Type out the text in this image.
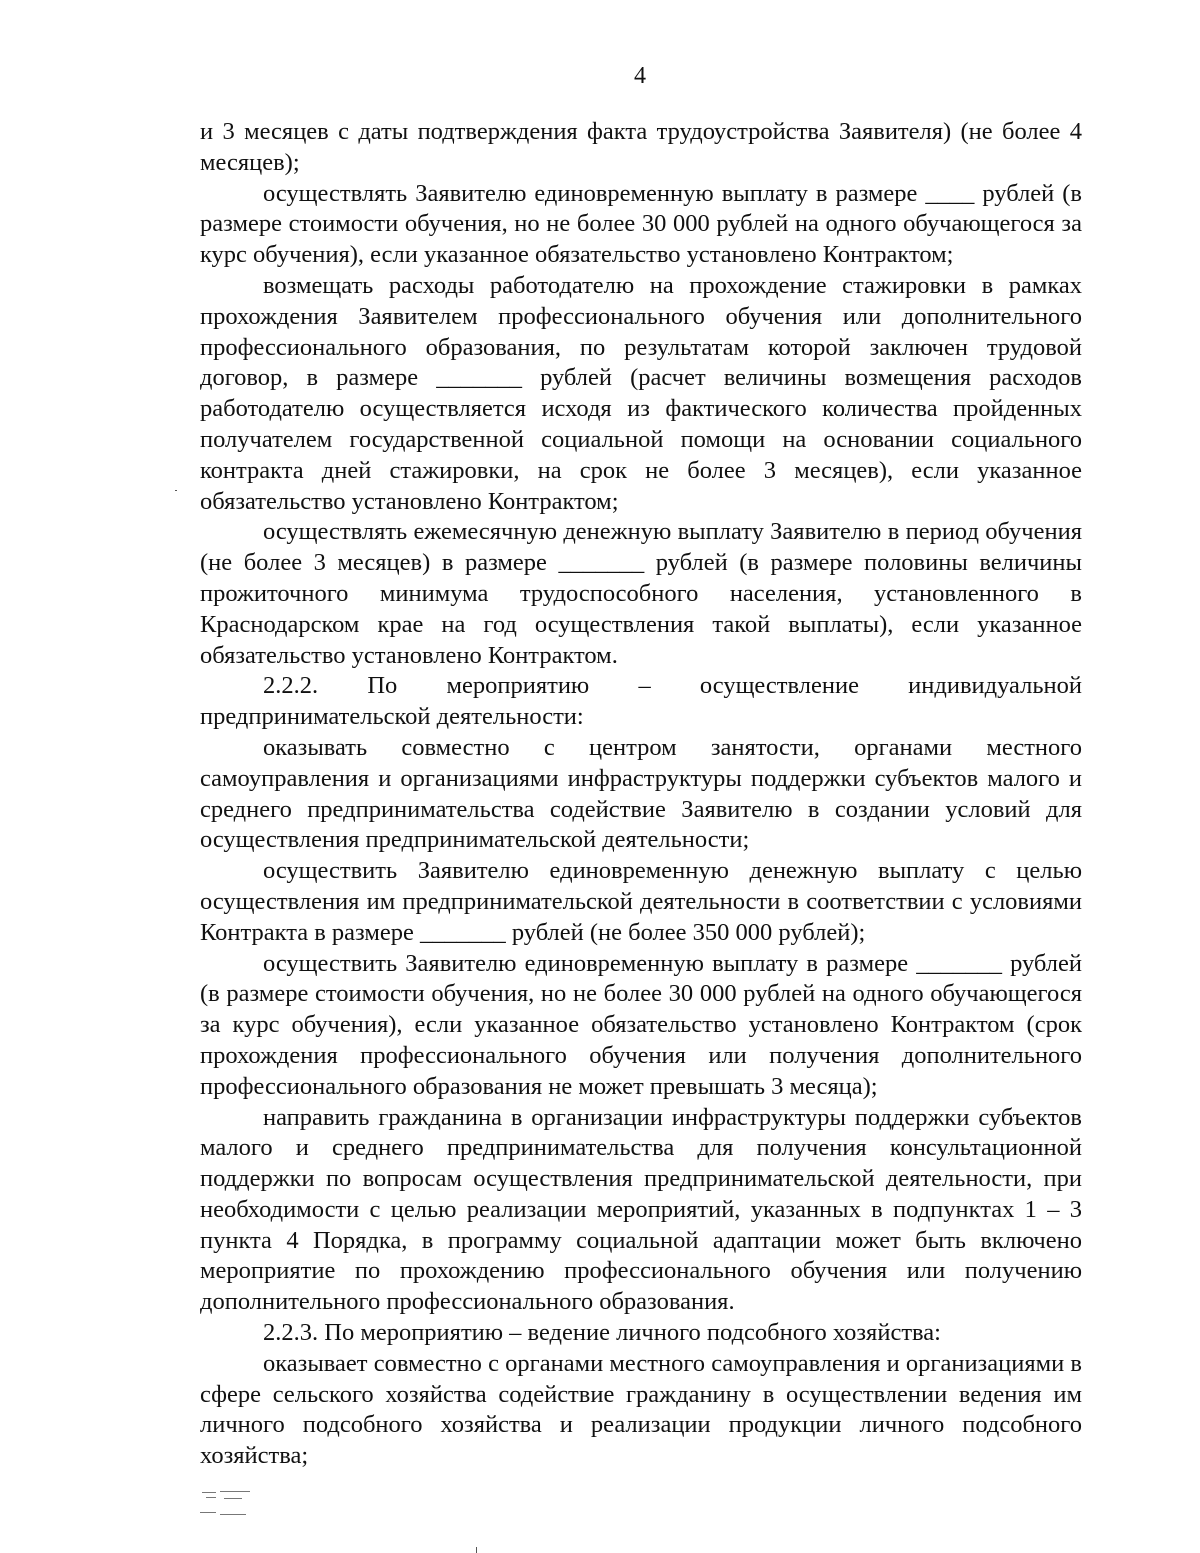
4

и 3 месяцев с даты подтверждения факта трудоустройства Заявителя) (не более 4 месяцев);

осуществлять Заявителю единовременную выплату в размере ____ рублей (в размере стоимости обучения, но не более 30 000 рублей на одного обучающегося за курс обучения), если указанное обязательство установлено Контрактом;

возмещать расходы работодателю на прохождение стажировки в рамках прохождения Заявителем профессионального обучения или дополнительного профессионального образования, по результатам которой заключен трудовой договор, в размере _______ рублей (расчет величины возмещения расходов работодателю осуществляется исходя из фактического количества пройденных получателем государственной социальной помощи на основании социального контракта дней стажировки, на срок не более 3 месяцев), если указанное обязательство установлено Контрактом;

осуществлять ежемесячную денежную выплату Заявителю в период обучения (не более 3 месяцев) в размере _______ рублей (в размере половины величины прожиточного минимума трудоспособного населения, установленного в Краснодарском крае на год осуществления такой выплаты), если указанное обязательство установлено Контрактом.

2.2.2. По мероприятию – осуществление индивидуальной предпринимательской деятельности:

оказывать совместно с центром занятости, органами местного самоуправления и организациями инфраструктуры поддержки субъектов малого и среднего предпринимательства содействие Заявителю в создании условий для осуществления предпринимательской деятельности;

осуществить Заявителю единовременную денежную выплату с целью осуществления им предпринимательской деятельности в соответствии с условиями Контракта в размере _______ рублей (не более 350 000 рублей);

осуществить Заявителю единовременную выплату в размере _______ рублей (в размере стоимости обучения, но не более 30 000 рублей на одного обучающегося за курс обучения), если указанное обязательство установлено Контрактом (срок прохождения профессионального обучения или получения дополнительного профессионального образования не может превышать 3 месяца);

направить гражданина в организации инфраструктуры поддержки субъектов малого и среднего предпринимательства для получения консультационной поддержки по вопросам осуществления предпринимательской деятельности, при необходимости с целью реализации мероприятий, указанных в подпунктах 1 – 3 пункта 4 Порядка, в программу социальной адаптации может быть включено мероприятие по прохождению профессионального обучения или получению дополнительного профессионального образования.

2.2.3. По мероприятию – ведение личного подсобного хозяйства:

оказывает совместно с органами местного самоуправления и организациями в сфере сельского хозяйства содействие гражданину в осуществлении ведения им личного подсобного хозяйства и реализации продукции личного подсобного хозяйства;
